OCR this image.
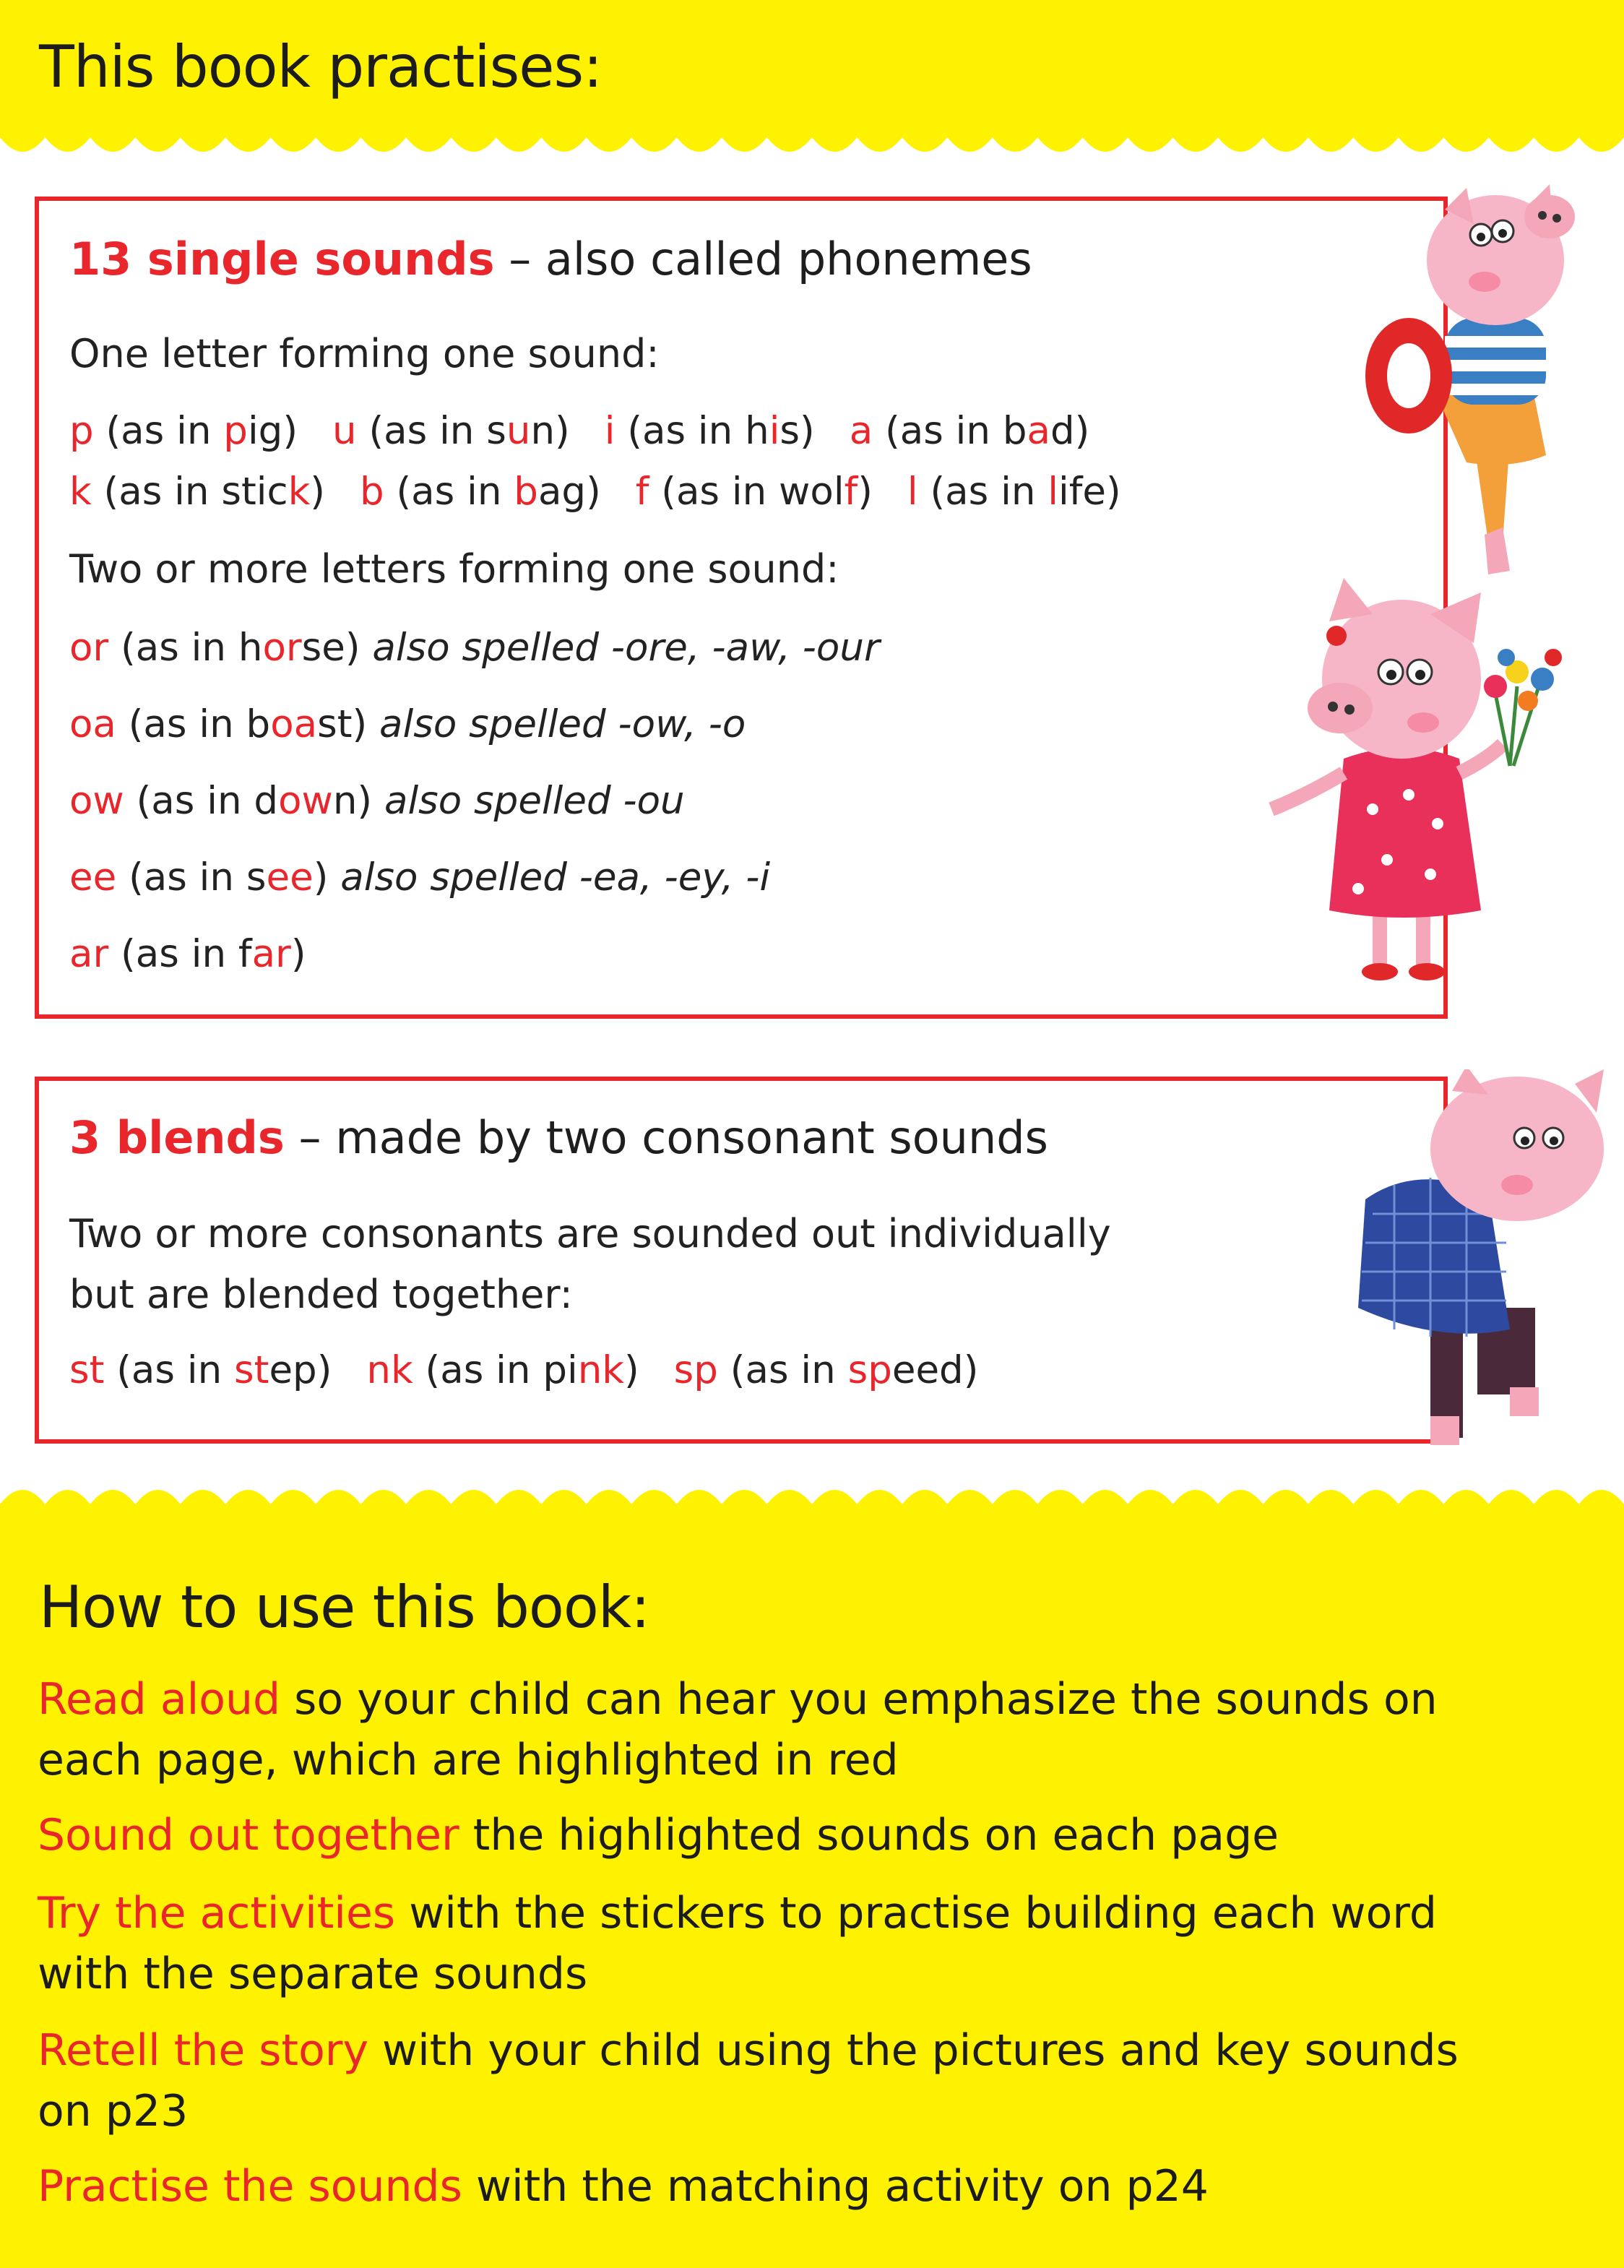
This book practises:
13 single sounds – also called phonemes
One letter forming one sound:
p (as in pig) u (as in sun) i (as in his) a (as in bad)
k (as in stick) b (as in bag) f (as in wolf) l (as in life)
Two or more letters forming one sound:
or (as in horse) also spelled -ore, -aw, -our
oa (as in boast) also spelled -ow, -o
ow (as in down) also spelled -ou
ee (as in see) also spelled -ea, -ey, -i
ar (as in far)
3 blends – made by two consonant sounds
Two or more consonants are sounded out individually
but are blended together:
st (as in step) nk (as in pink) sp (as in speed)
How to use this book:
Read aloud so your child can hear you emphasize the sounds on each page, which are highlighted in red
Sound out together the highlighted sounds on each page
Try the activities with the stickers to practise building each word with the separate sounds
Retell the story with your child using the pictures and key sounds on p23
Practise the sounds with the matching activity on p24
